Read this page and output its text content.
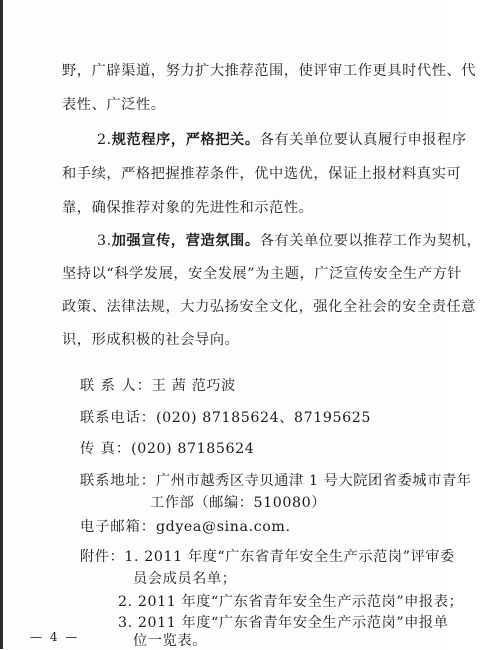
野，广辟渠道，努力扩大推荐范围，使评审工作更具时代性、代
表性、广泛性。
2.规范程序，严格把关。各有关单位要认真履行申报程序
和手续，严格把握推荐条件，优中选优，保证上报材料真实可
靠，确保推荐对象的先进性和示范性。
3.加强宣传，营造氛围。各有关单位要以推荐工作为契机，
坚持以“科学发展，安全发展”为主题，广泛宣传安全生产方针
政策、法律法规，大力弘扬安全文化，强化全社会的安全责任意
识，形成积极的社会导向。
联 系 人：王 茜 范巧波
联系电话：(020) 87185624、87195625
传 真：(020) 87185624
联系地址：广州市越秀区寺贝通津 1 号大院团省委城市青年
工作部（邮编：510080）
电子邮箱：gdyea@sina.com.
附件：1. 2011 年度“广东省青年安全生产示范岗”评审委
员会成员名单；
2. 2011 年度“广东省青年安全生产示范岗”申报表；
— 4 —
3. 2011 年度“广东省青年安全生产示范岗”申报单
位一览表。
